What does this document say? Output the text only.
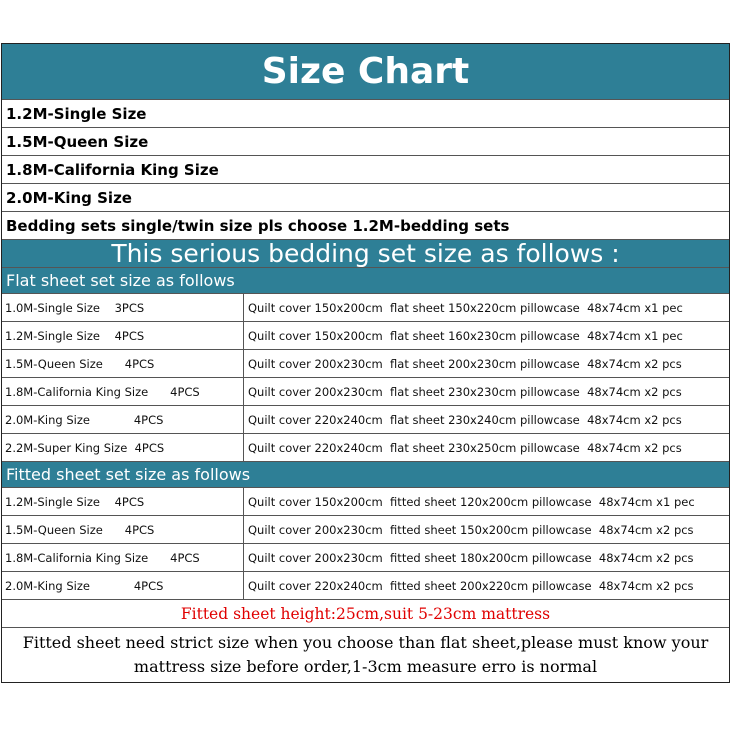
Size Chart
1.2M-Single Size
1.5M-Queen Size
1.8M-California King Size
2.0M-King Size
Bedding sets single/twin size pls choose 1.2M-bedding sets
This serious bedding set size as follows :
Flat sheet set size as follows
1.0M-Single Size    3PCS	Quilt cover 150x200cm  flat sheet 150x220cm pillowcase  48x74cm x1 pec
1.2M-Single Size    4PCS	Quilt cover 150x200cm  flat sheet 160x230cm pillowcase  48x74cm x1 pec
1.5M-Queen Size      4PCS	Quilt cover 200x230cm  flat sheet 200x230cm pillowcase  48x74cm x2 pcs
1.8M-California King Size      4PCS	Quilt cover 200x230cm  flat sheet 230x230cm pillowcase  48x74cm x2 pcs
2.0M-King Size            4PCS	Quilt cover 220x240cm  flat sheet 230x240cm pillowcase  48x74cm x2 pcs
2.2M-Super King Size  4PCS	Quilt cover 220x240cm  flat sheet 230x250cm pillowcase  48x74cm x2 pcs
Fitted sheet set size as follows
1.2M-Single Size    4PCS	Quilt cover 150x200cm  fitted sheet 120x200cm pillowcase  48x74cm x1 pec
1.5M-Queen Size      4PCS	Quilt cover 200x230cm  fitted sheet 150x200cm pillowcase  48x74cm x2 pcs
1.8M-California King Size      4PCS	Quilt cover 200x230cm  fitted sheet 180x200cm pillowcase  48x74cm x2 pcs
2.0M-King Size            4PCS	Quilt cover 220x240cm  fitted sheet 200x220cm pillowcase  48x74cm x2 pcs
Fitted sheet height:25cm,suit 5-23cm mattress
Fitted sheet need strict size when you choose than flat sheet,please must know your mattress size before order,1-3cm measure erro is normal
